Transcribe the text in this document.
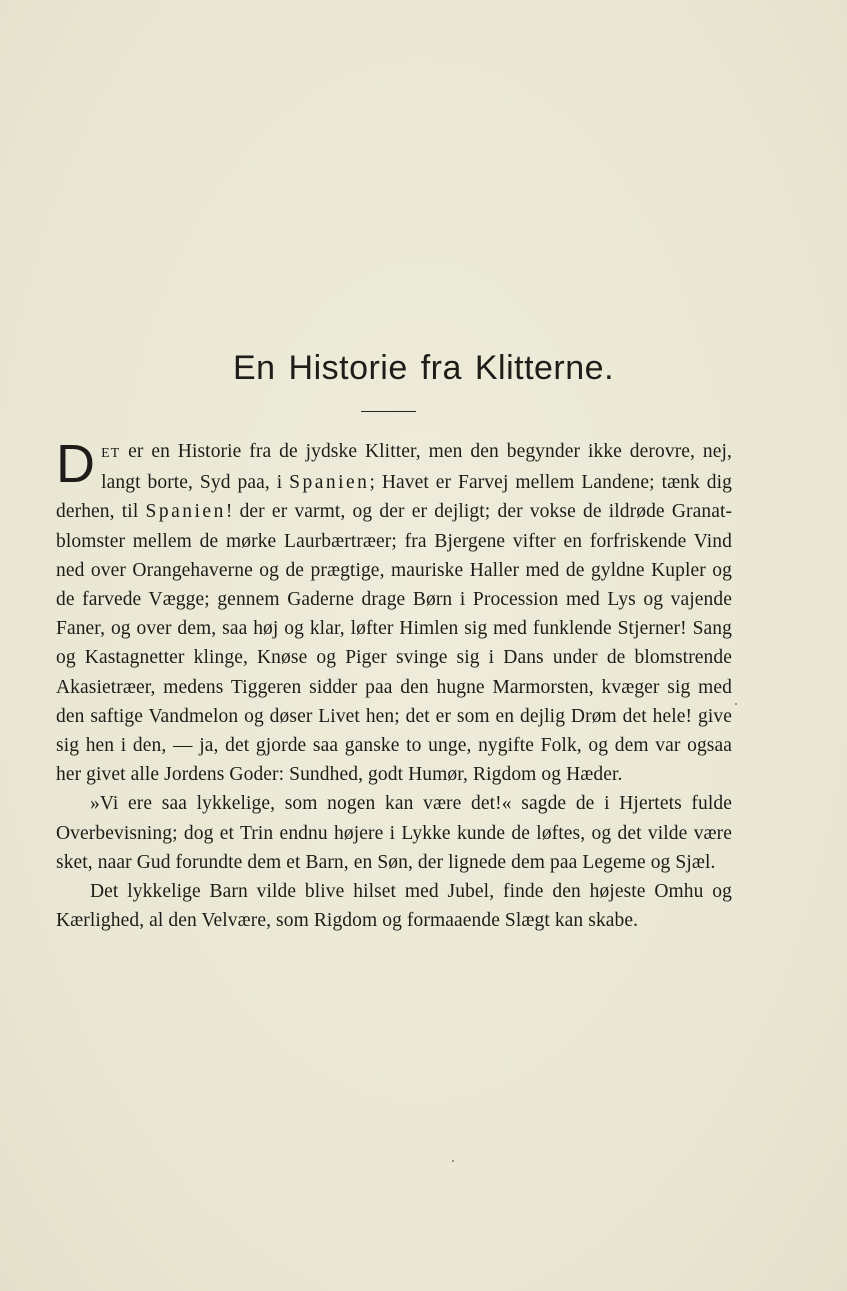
En Historie fra Klitterne.

DET er en Historie fra de jydske Klitter, men den begynder ikke derovre, nej, langt borte, Syd paa, i Spanien; Havet er Farvej mellem Landene; tænk dig derhen, til Spanien! der er varmt, og der er dejligt; der vokse de ildrøde Granatblomster mellem de mørke Laurbærtræer; fra Bjergene vifter en forfriskende Vind ned over Orangehaverne og de prægtige, mauriske Haller med de gyldne Kupler og de farvede Vægge; gennem Gaderne drage Børn i Procession med Lys og vajende Faner, og over dem, saa høj og klar, løfter Himlen sig med funklende Stjerner! Sang og Kastagnetter klinge, Knøse og Piger svinge sig i Dans under de blomstrende Akasietræer, medens Tiggeren sidder paa den hugne Marmorsten, kvæger sig med den saftige Vandmelon og døser Livet hen; det er som en dejlig Drøm det hele! give sig hen i den, — ja, det gjorde saa ganske to unge, nygifte Folk, og dem var ogsaa her givet alle Jordens Goder: Sundhed, godt Humør, Rigdom og Hæder.

»Vi ere saa lykkelige, som nogen kan være det!« sagde de i Hjertets fulde Overbevisning; dog et Trin endnu højere i Lykke kunde de løftes, og det vilde være sket, naar Gud forundte dem et Barn, en Søn, der lignede dem paa Legeme og Sjæl.

Det lykkelige Barn vilde blive hilset med Jubel, finde den højeste Omhu og Kærlighed, al den Velvære, som Rigdom og formaaende Slægt kan skabe.
